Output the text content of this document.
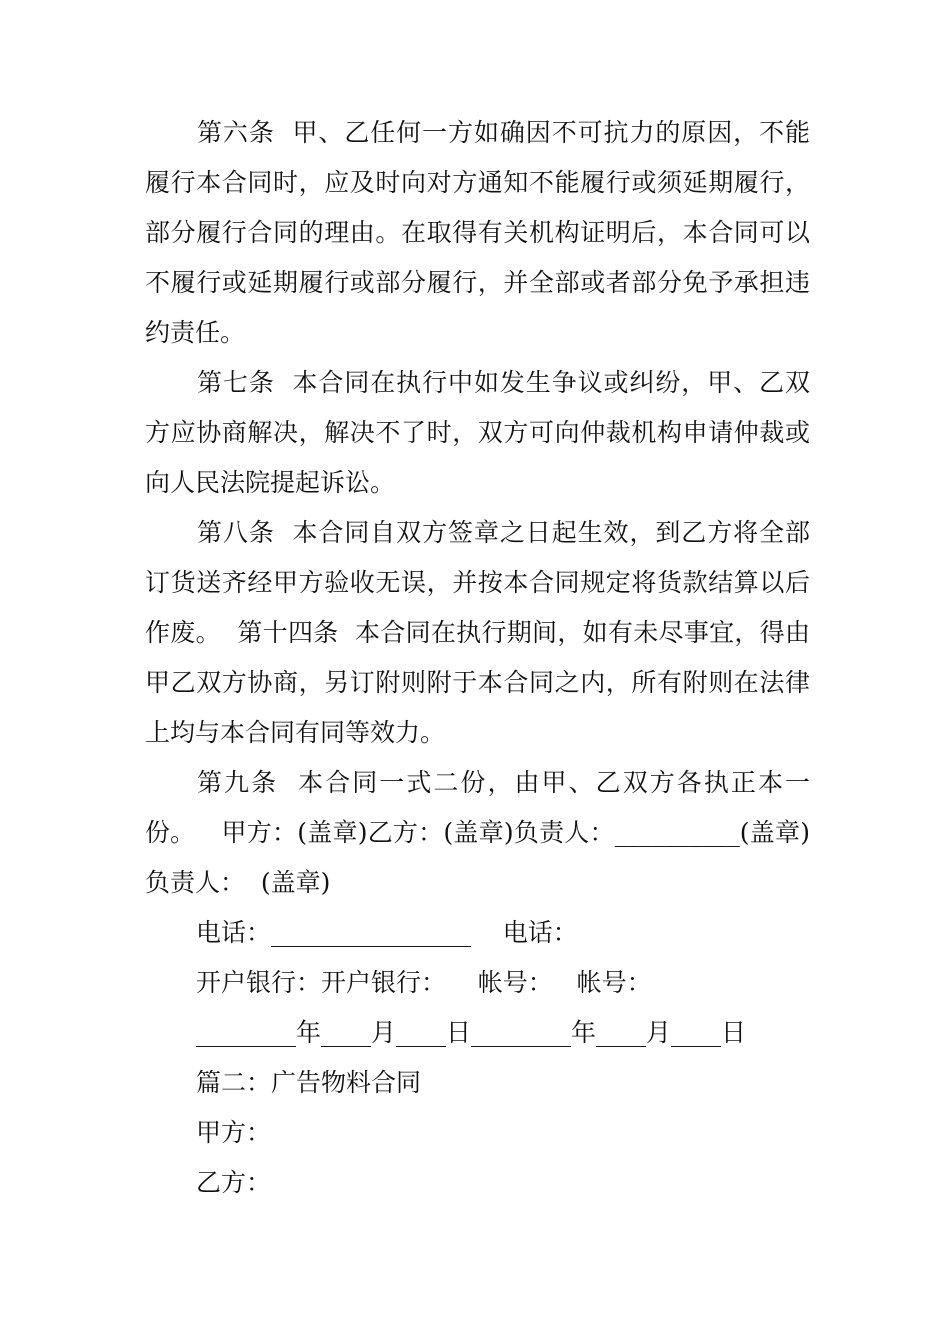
第六条  甲、乙任何一方如确因不可抗力的原因，不能履行本合同时，应及时向对方通知不能履行或须延期履行，部分履行合同的理由。在取得有关机构证明后，本合同可以不履行或延期履行或部分履行，并全部或者部分免予承担违约责任。
第七条  本合同在执行中如发生争议或纠纷，甲、乙双方应协商解决，解决不了时，双方可向仲裁机构申请仲裁或向人民法院提起诉讼。
第八条  本合同自双方签章之日起生效，到乙方将全部订货送齐经甲方验收无误，并按本合同规定将货款结算以后作废。  第十四条  本合同在执行期间，如有未尽事宜，得由甲乙双方协商，另订附则附于本合同之内，所有附则在法律上均与本合同有同等效力。
第九条  本合同一式二份，由甲、乙双方各执正本一份。 甲方：(盖章)乙方：(盖章)负责人：__________(盖章)  负责人：  (盖章)
电话：________________    电话：
开户银行：开户银行：    帐号：   帐号：
________年____月____日________年____月____日
篇二：广告物料合同
甲方：
乙方：
